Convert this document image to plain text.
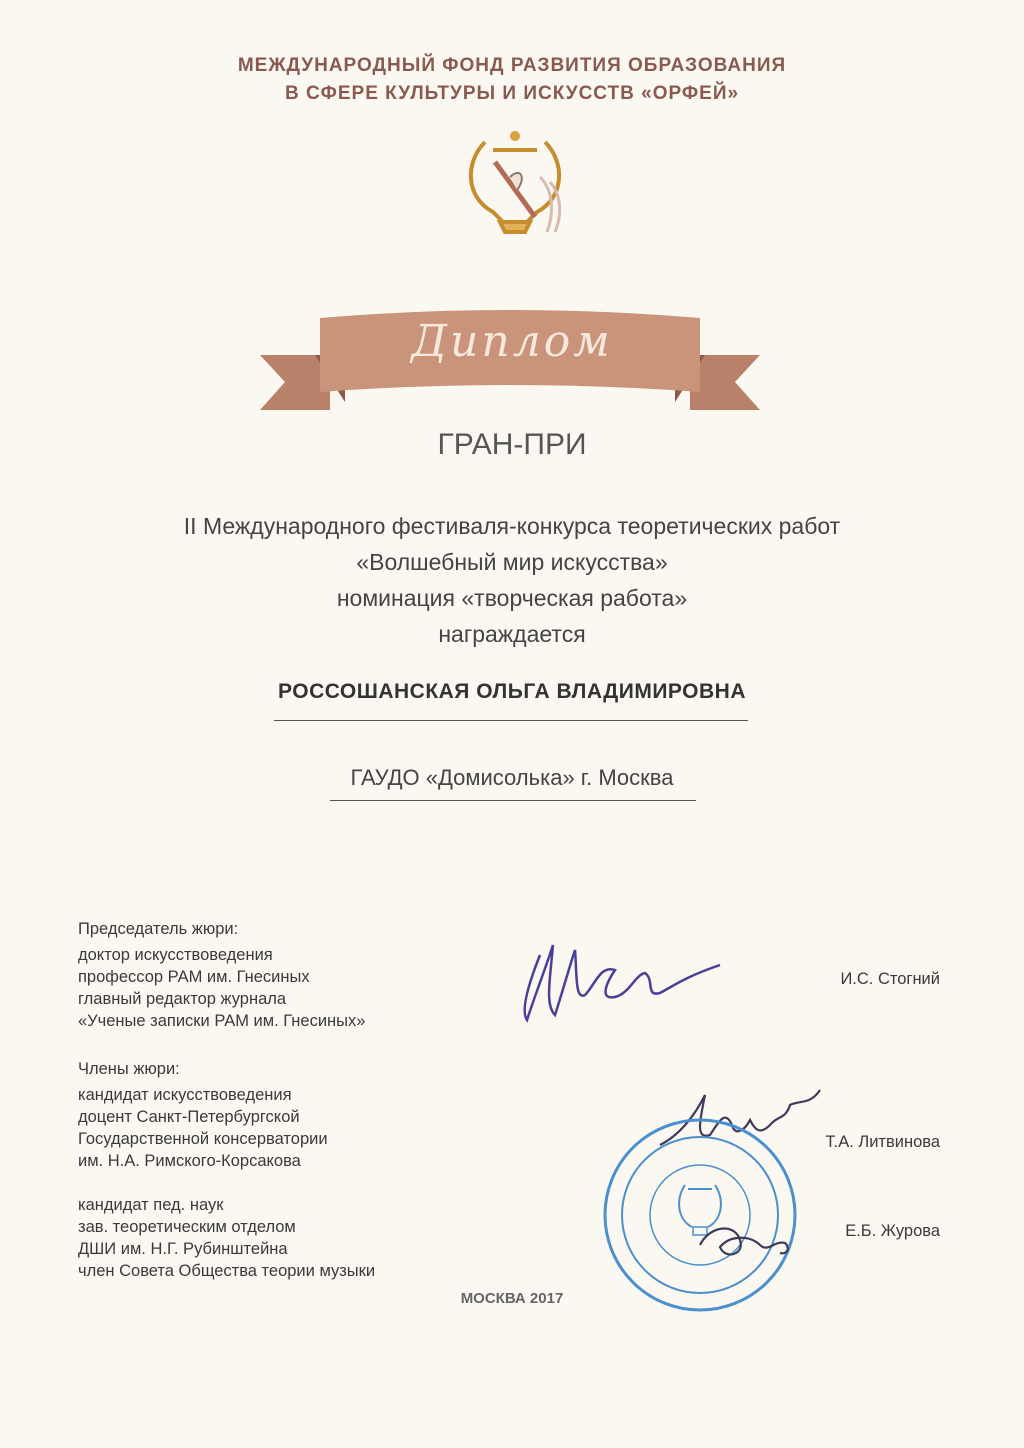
МЕЖДУНАРОДНЫЙ ФОНД РАЗВИТИЯ ОБРАЗОВАНИЯ
В СФЕРЕ КУЛЬТУРЫ И ИСКУССТВ «ОРФЕЙ»
Диплом
ГРАН-ПРИ
II Международного фестиваля-конкурса теоретических работ
«Волшебный мир искусства»
номинация «творческая работа»
награждается
РОССОШАНСКАЯ ОЛЬГА ВЛАДИМИРОВНА
ГАУДО «Домисолька» г. Москва
Председатель жюри:
доктор искусствоведения
профессор РАМ им. Гнесиных
главный редактор журнала
«Ученые записки РАМ им. Гнесиных»
Члены жюри:
кандидат искусствоведения
доцент Санкт-Петербургской
Государственной консерватории
им. Н.А. Римского-Корсакова
кандидат пед. наук
зав. теоретическим отделом
ДШИ им. Н.Г. Рубинштейна
член Совета Общества теории музыки
И.С. Стогний
Т.А. Литвинова
Е.Б. Журова
МОСКВА 2017
